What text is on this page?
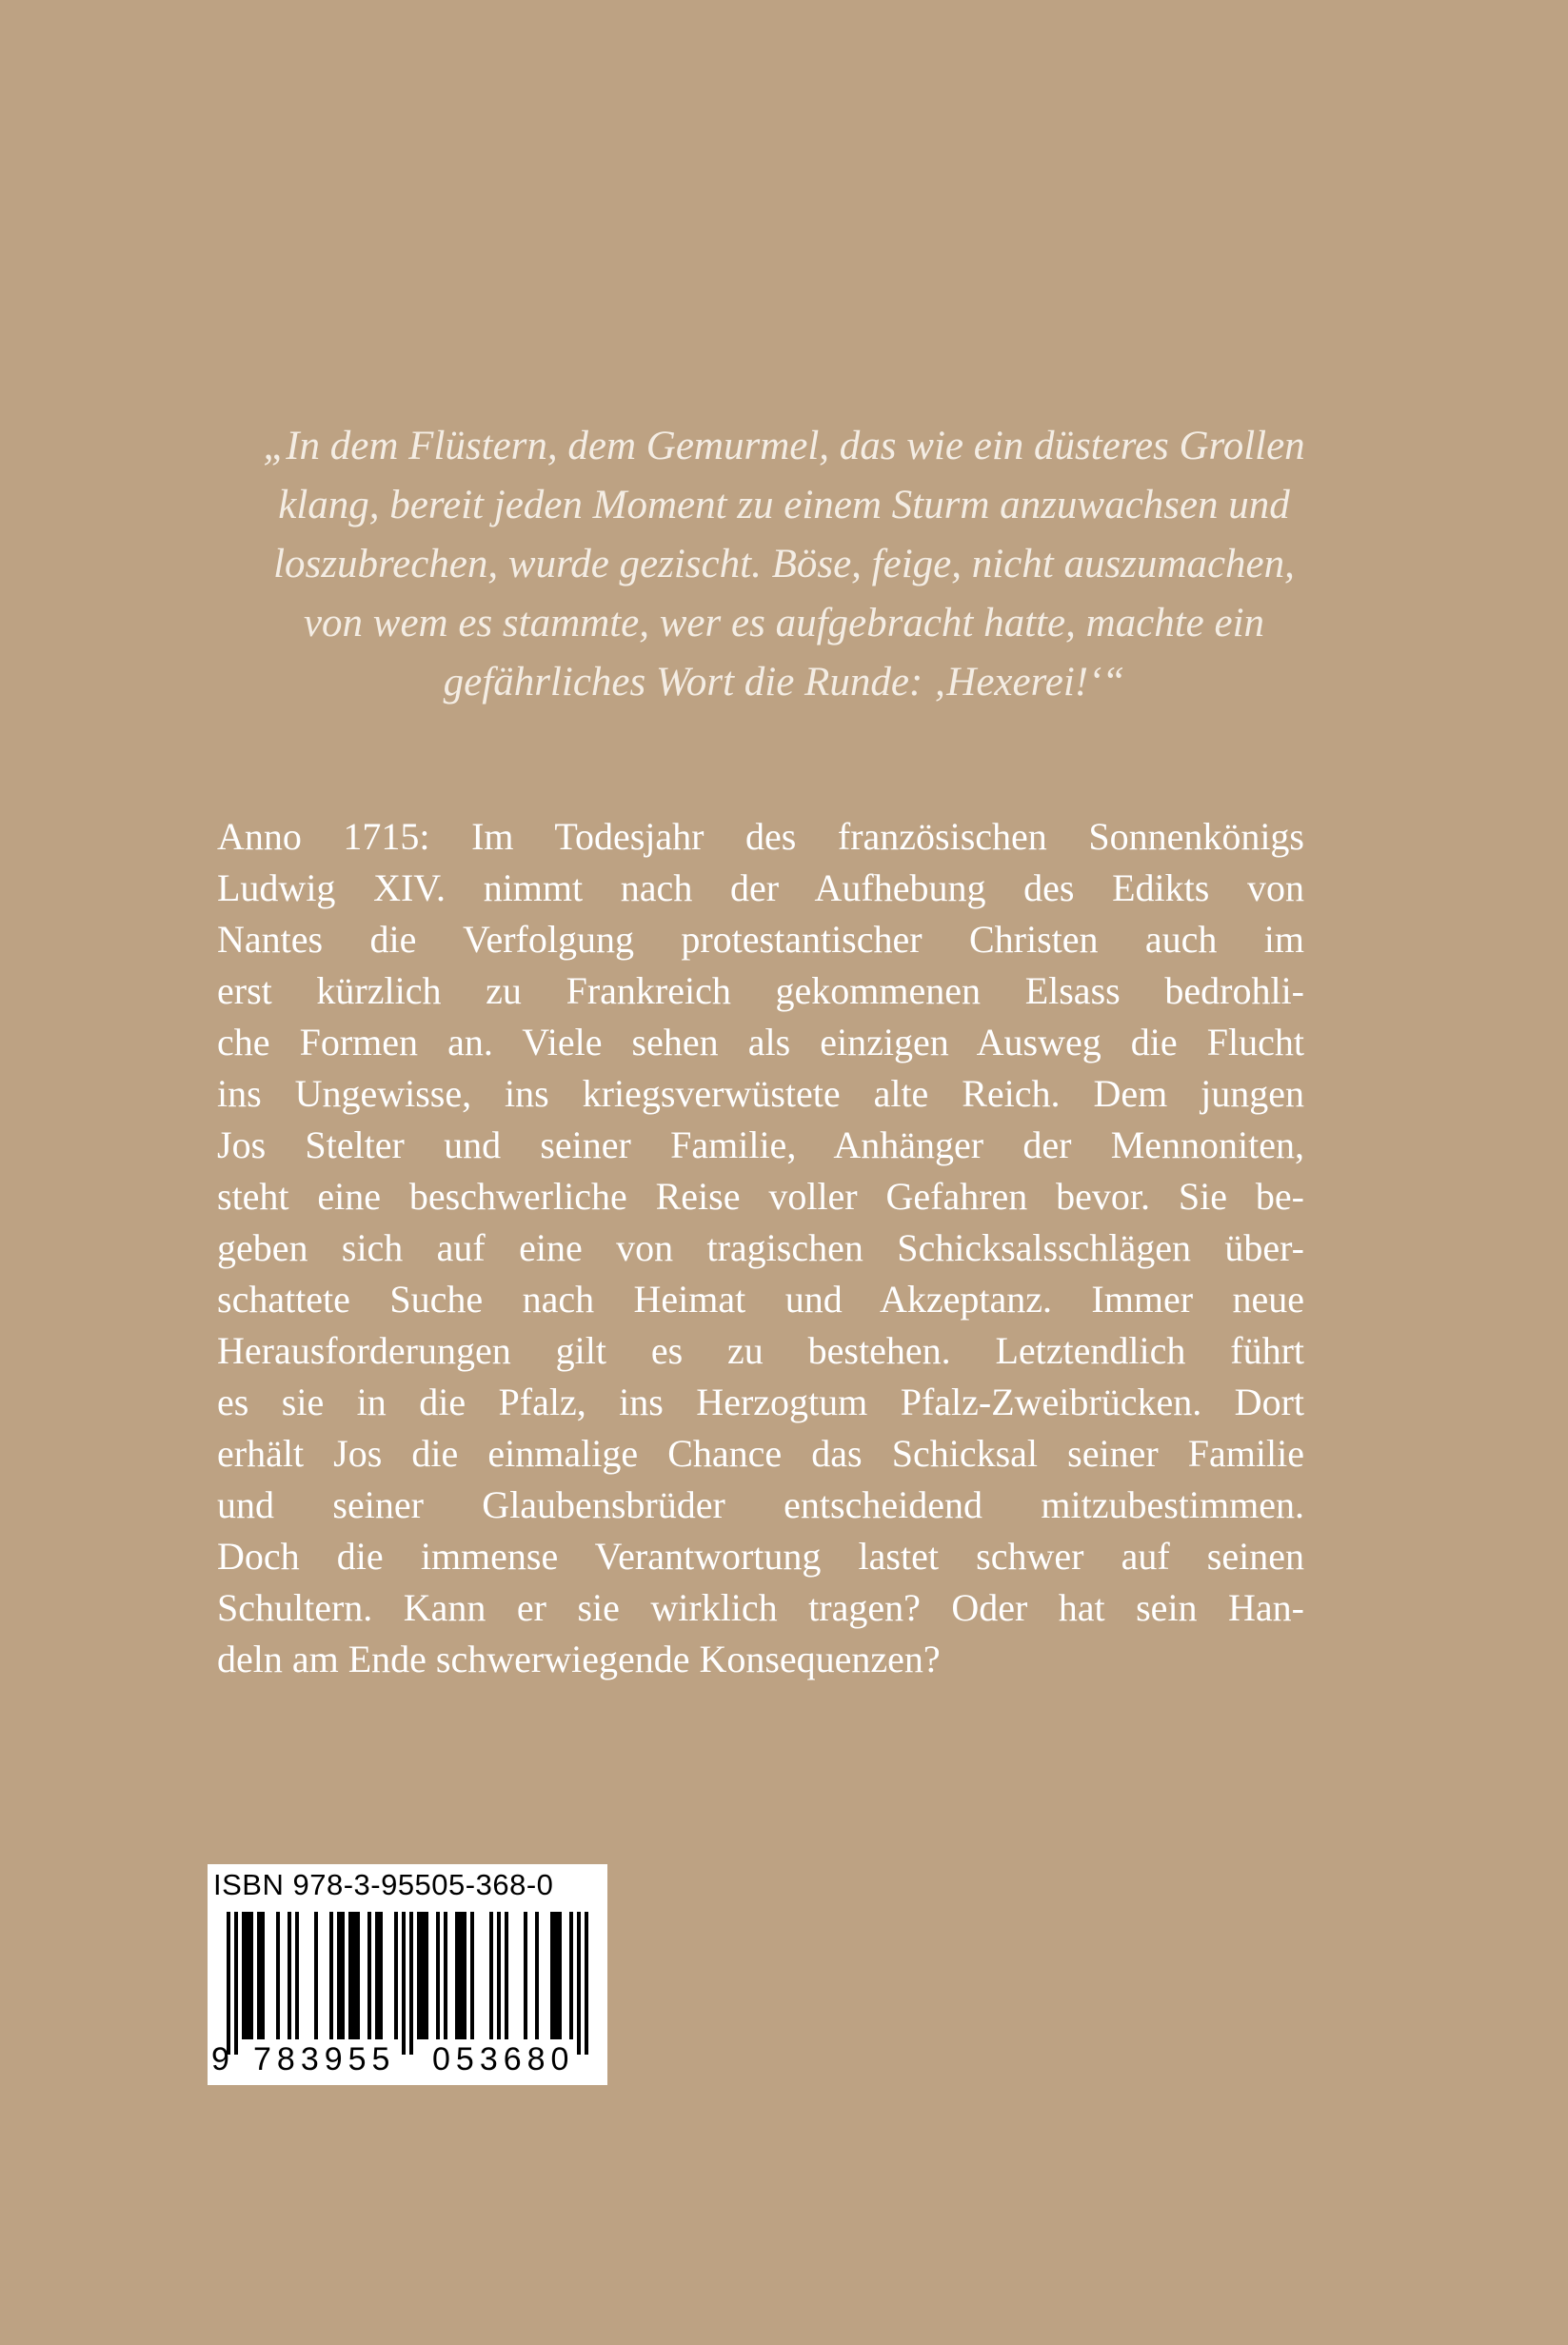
„In dem Flüstern, dem Gemurmel, das wie ein düsteres Grollen
klang, bereit jeden Moment zu einem Sturm anzuwachsen und
loszubrechen, wurde gezischt. Böse, feige, nicht auszumachen,
von wem es stammte, wer es aufgebracht hatte, machte ein
gefährliches Wort die Runde: ‚Hexerei!‘“
Anno 1715: Im Todesjahr des französischen Sonnenkönigs
Ludwig XIV. nimmt nach der Aufhebung des Edikts von
Nantes die Verfolgung protestantischer Christen auch im
erst kürzlich zu Frankreich gekommenen Elsass bedrohli-
che Formen an. Viele sehen als einzigen Ausweg die Flucht
ins Ungewisse, ins kriegsverwüstete alte Reich. Dem jungen
Jos Stelter und seiner Familie, Anhänger der Mennoniten,
steht eine beschwerliche Reise voller Gefahren bevor. Sie be-
geben sich auf eine von tragischen Schicksalsschlägen über-
schattete Suche nach Heimat und Akzeptanz. Immer neue
Herausforderungen gilt es zu bestehen. Letztendlich führt
es sie in die Pfalz, ins Herzogtum Pfalz-Zweibrücken. Dort
erhält Jos die einmalige Chance das Schicksal seiner Familie
und seiner Glaubensbrüder entscheidend mitzubestimmen.
Doch die immense Verantwortung lastet schwer auf seinen
Schultern. Kann er sie wirklich tragen? Oder hat sein Han-
deln am Ende schwerwiegende Konsequenzen?
ISBN 978-3-95505-368-0
9 783955 053680
